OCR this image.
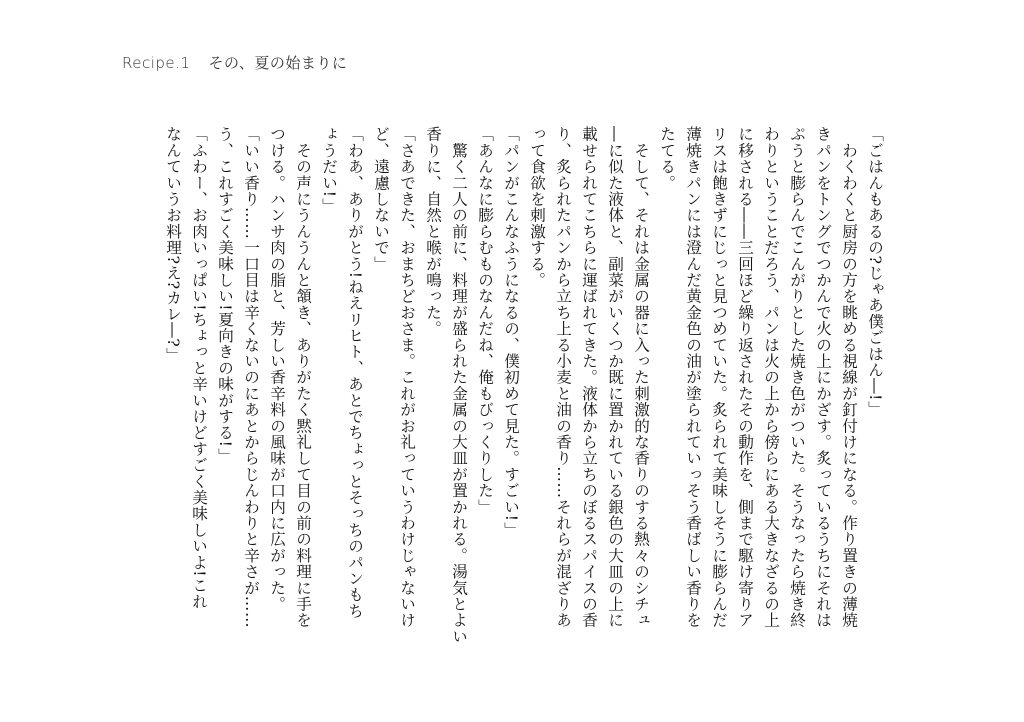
Recipe.1 その、夏の始まりに
「ごはんもあるの?じゃあ僕ごはん―!」
　わくわくと厨房の方を眺める視線が釘付けになる。作り置きの薄焼
きパンをトングでつかんで火の上にかざす。炙っているうちにそれは
ぷうと膨らんでこんがりとした焼き色がついた。そうなったら焼き終
わりということだろう、パンは火の上から傍らにある大きなざるの上
に移される――三回ほど繰り返されたその動作を、側まで駆け寄りア
リスは飽きずにじっと見つめていた。炙られて美味しそうに膨らんだ
薄焼きパンには澄んだ黄金色の油が塗られていっそう香ばしい香りを
たてる。
　そして、それは金属の器に入った刺激的な香りのする熱々のシチュ
―に似た液体と、副菜がいくつか既に置かれている銀色の大皿の上に
載せられてこちらに運ばれてきた。液体から立ちのぼるスパイスの香
り、炙られたパンから立ち上る小麦と油の香り……それらが混ざりあ
って食欲を刺激する。
「パンがこんなふうになるの、僕初めて見た。すごい!」
「あんなに膨らむものなんだね、俺もびっくりした」
　驚く二人の前に、料理が盛られた金属の大皿が置かれる。湯気とよい
香りに、自然と喉が鳴った。
「さあできた、おまちどおさま。これがお礼っていうわけじゃないけ
ど、遠慮しないで」
「わあ、ありがとう!ねえリヒト、あとでちょっとそっちのパンもち
ょうだい!」
　その声にうんうんと頷き、ありがたく黙礼して目の前の料理に手を
つける。ハンサ肉の脂と、芳しい香辛料の風味が口内に広がった。
「いい香り……一口目は辛くないのにあとからじんわりと辛さが……
う、これすごく美味しい!夏向きの味がする!」
「ふわー、お肉いっぱい!ちょっと辛いけどすごく美味しいよ!これ
なんていうお料理?え?カレ―?」
